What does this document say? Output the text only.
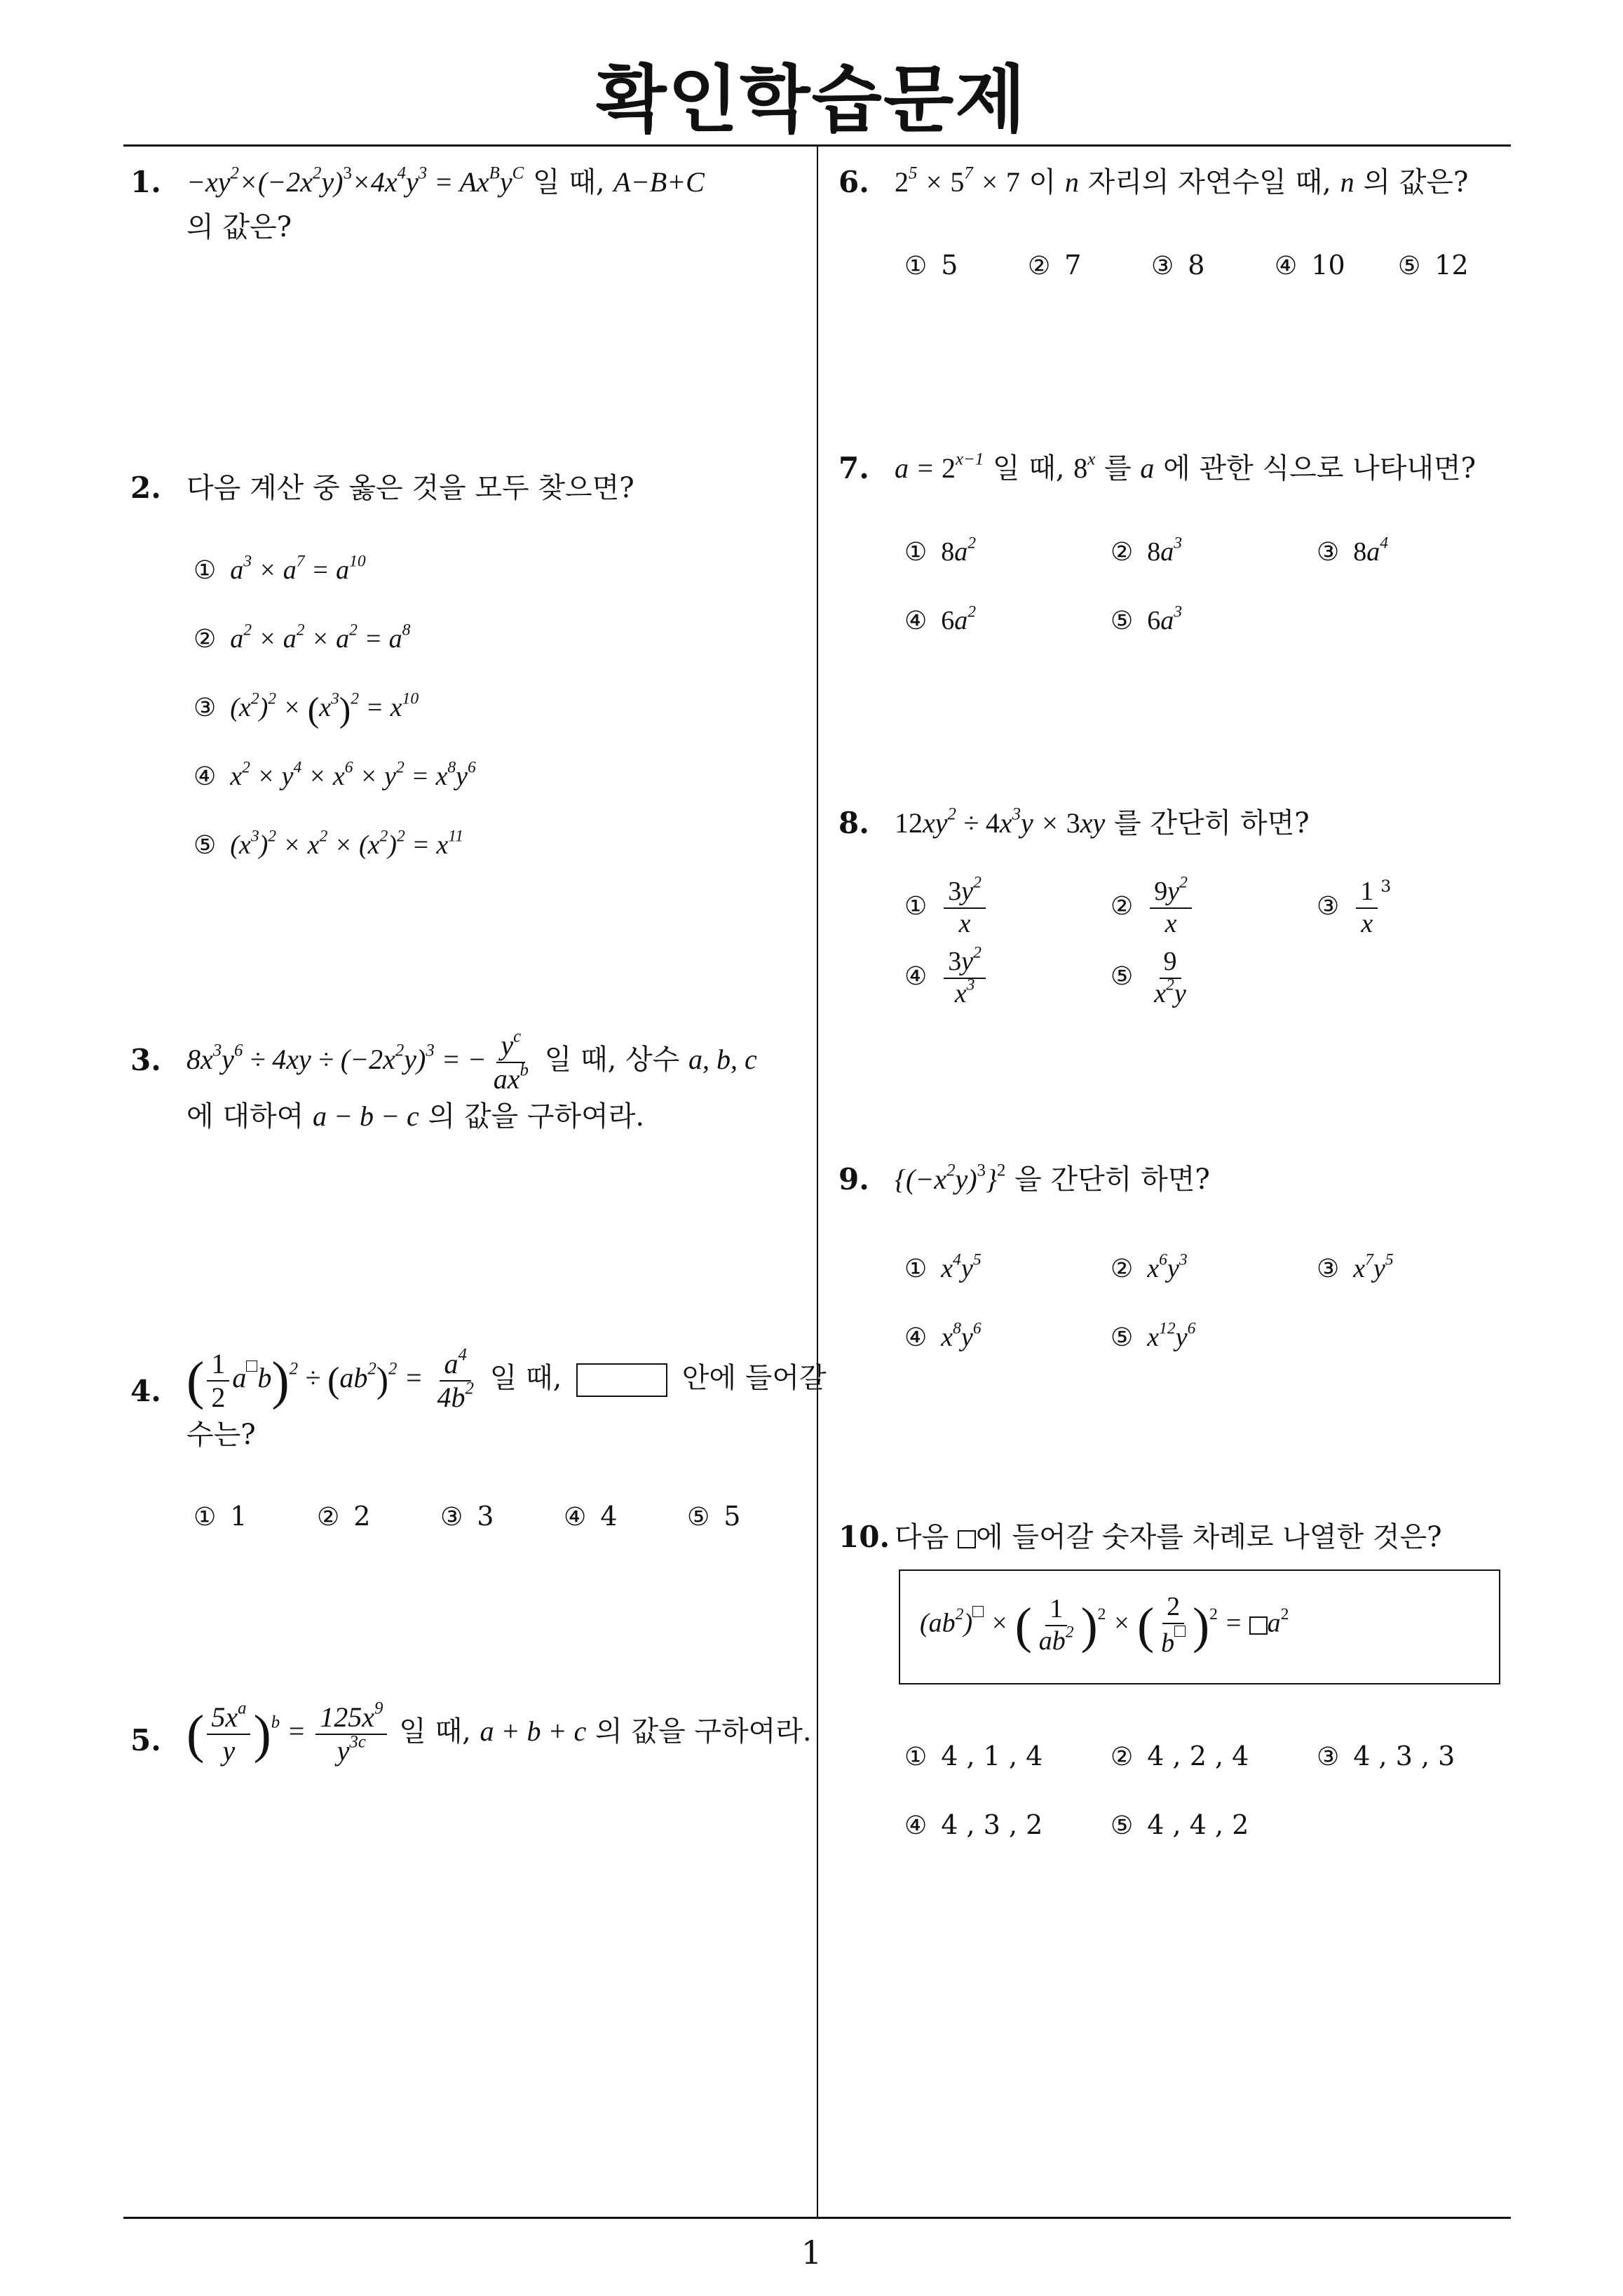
확인학습문제
1
1. $-xy^2\times(-2x^2y)^3\times 4x^4y^3 = Ax^By^C$ 일 때, A−B+C
의 값은?
2. 다음 계산 중 옳은 것을 모두 찾으면?
① $a^3 \times a^7 = a^{10}$
② $a^2 \times a^2 \times a^2 = a^8$
③ $(x^2)^2 \times (x^3)^2 = x^{10}$
④ $x^2 \times y^4 \times x^6 \times y^2 = x^8y^6$
⑤ $(x^3)^2 \times x^2 \times (x^2)^2 = x^{11}$
3. $8x^3y^6 \div 4xy \div (-2x^2y)^3$ = − $\frac{y^c}{ax^b}$ 일 때, 상수 a, b, c
에 대하여 a − b − c 의 값을 구하여라.
4. ( $\frac{1}{2}$ a $b)^2 \div (ab^2)^2 = \frac{a^4}{4b^2}$ 일 때,	안에 들어갈
수는?
① 1	② 2	③ 3	④ 4	⑤ 5
5. ( $\frac{5x^a}{y} )^b = \frac{125x^9}{y^{3c}}$ 일 때, a + b + c 의 값을 구하여라.
6. $2^5 \times 5^7 \times 7$ 이 n 자리의 자연수일 때, n 의 값은?
① 5	② 7	③ 8	④ 10 ⑤ 12
7. $a = 2^{x-1}$ 일 때, 8$^x$ 를 a 에 관한 식으로 나타내면?
① $8a^2$	② $8a^3$	③ $8a^4$
④ $6a^2$	⑤ $6a^3$
8. $12xy^2 \div 4x^3y \times 3xy$ 를 간단히 하면?
① $\frac{3y^2}{x}$	② $\frac{9y^2}{x}$	③ $\frac{1}{x} ^3$
④ $\frac{3y^2}{x^3}$	⑤ $\frac{9}{x^2y}$
9. $\{(-x^2y)^3\}^2$ 을 간단히 하면?
① $x^4y^5$	② $x^6y^3$	③ $x^7y^5$
④ $x^8y^6$	⑤ $x^{12}y^6$
10. 다음 에 들어갈 숫자를 차례로 나열한 것은?
$(ab^2)$ × ( $\frac{1}{ab^2} )^2$ × ( $\frac{2}{b} )^2 = a^2$
① 4 , 1 , 4	② 4 , 2 , 4	③ 4 , 3 , 3
④ 4 , 3 , 2	⑤ 4 , 4 , 2
